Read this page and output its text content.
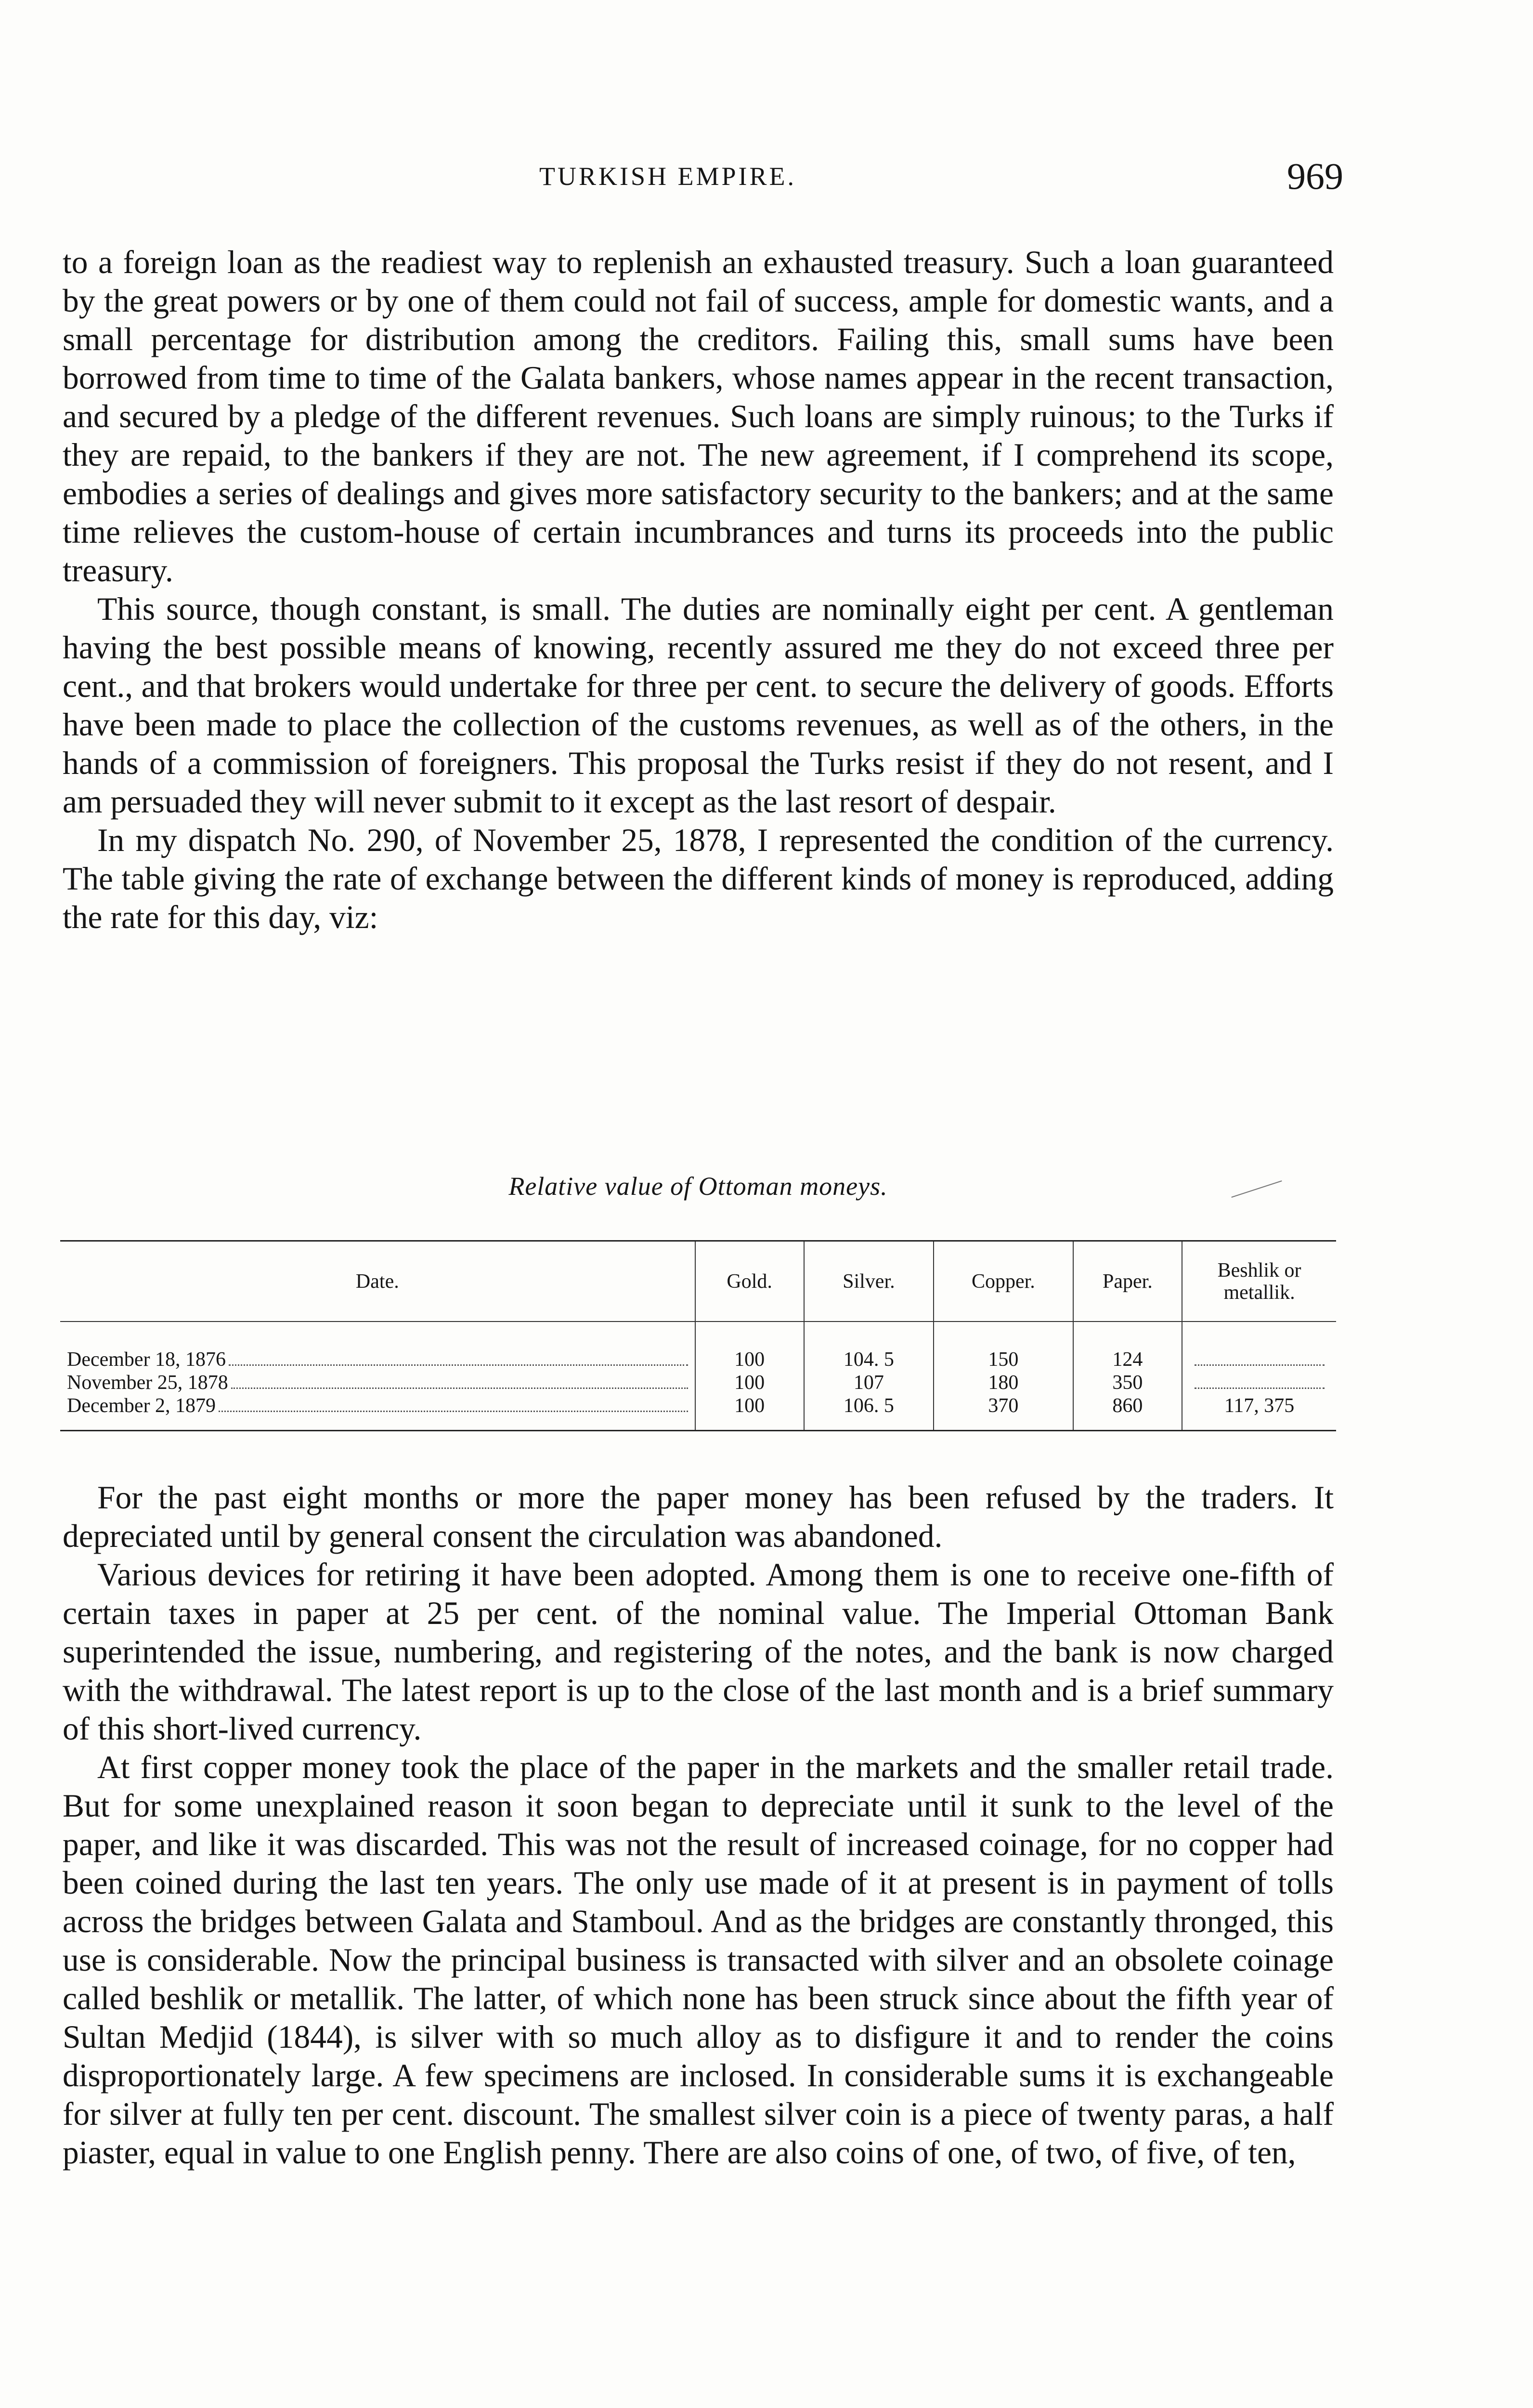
TURKISH EMPIRE.	969

to a foreign loan as the readiest way to replenish an exhausted treasury. Such a loan guaranteed by the great powers or by one of them could not fail of success, ample for domestic wants, and a small percentage for distribution among the creditors. Failing this, small sums have been borrowed from time to time of the Galata bankers, whose names appear in the recent transaction, and secured by a pledge of the different revenues. Such loans are simply ruinous; to the Turks if they are repaid, to the bankers if they are not. The new agreement, if I comprehend its scope, embodies a series of dealings and gives more satisfactory security to the bankers; and at the same time relieves the custom-house of certain incumbrances and turns its proceeds into the public treasury.

This source, though constant, is small. The duties are nominally eight per cent. A gentleman having the best possible means of knowing, recently assured me they do not exceed three per cent., and that brokers would undertake for three per cent. to secure the delivery of goods. Efforts have been made to place the collection of the customs revenues, as well as of the others, in the hands of a commission of foreigners. This proposal the Turks resist if they do not resent, and I am persuaded they will never submit to it except as the last resort of despair.

In my dispatch No. 290, of November 25, 1878, I represented the condition of the currency. The table giving the rate of exchange between the different kinds of money is reproduced, adding the rate for this day, viz:

Relative value of Ottoman moneys.
Date.	Gold.	Silver.	Copper.	Paper.	Beshlik or metallik.

December 18, 1876	100	104. 5	150	124	

November 25, 1878	100	107	180	350	

December 2, 1879	100	106. 5	370	860	117, 375

For the past eight months or more the paper money has been refused by the traders. It depreciated until by general consent the circulation was abandoned.

Various devices for retiring it have been adopted. Among them is one to receive one-fifth of certain taxes in paper at 25 per cent. of the nominal value. The Imperial Ottoman Bank superintended the issue, numbering, and registering of the notes, and the bank is now charged with the withdrawal. The latest report is up to the close of the last month and is a brief summary of this short-lived currency.

At first copper money took the place of the paper in the markets and the smaller retail trade. But for some unexplained reason it soon began to depreciate until it sunk to the level of the paper, and like it was discarded. This was not the result of increased coinage, for no copper had been coined during the last ten years. The only use made of it at present is in payment of tolls across the bridges between Galata and Stamboul. And as the bridges are constantly thronged, this use is considerable. Now the principal business is transacted with silver and an obsolete coinage called beshlik or metallik. The latter, of which none has been struck since about the fifth year of Sultan Medjid (1844), is silver with so much alloy as to disfigure it and to render the coins disproportionately large. A few specimens are inclosed. In considerable sums it is exchangeable for silver at fully ten per cent. discount. The smallest silver coin is a piece of twenty paras, a half piaster, equal in value to one English penny. There are also coins of one, of two, of five, of ten,
